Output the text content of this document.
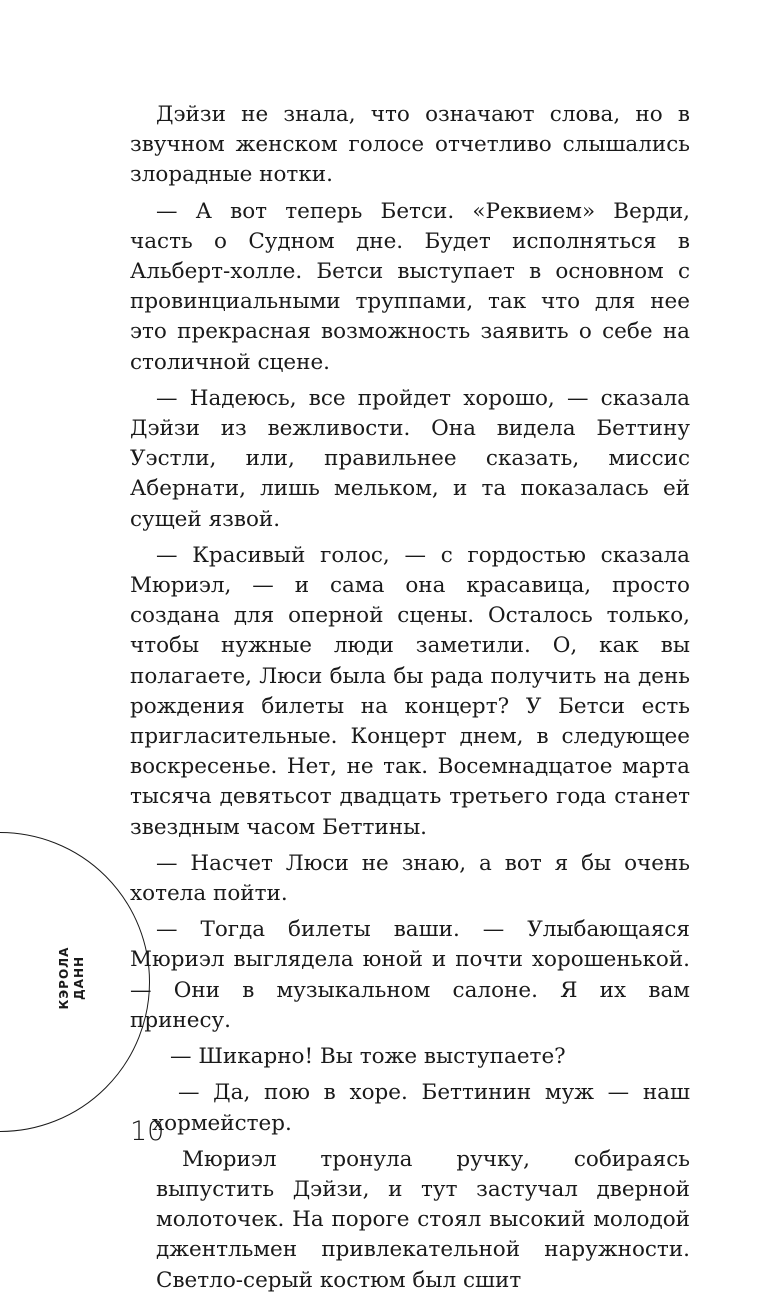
КЭРОЛА ДАНН

Дэйзи не знала, что означают слова, но в звучном женском голосе отчетливо слышались злорадные нотки.

— А вот теперь Бетси. «Реквием» Верди, часть о Судном дне. Будет исполняться в Альберт-холле. Бетси выступает в основном с провинциальными труппами, так что для нее это прекрасная возможность заявить о себе на столичной сцене.

— Надеюсь, все пройдет хорошо, — сказала Дэйзи из вежливости. Она видела Беттину Уэстли, или, правильнее сказать, миссис Абернати, лишь мельком, и та показалась ей сущей язвой.

— Красивый голос, — с гордостью сказала Мюриэл, — и сама она красавица, просто создана для оперной сцены. Осталось только, чтобы нужные люди заметили. О, как вы полагаете, Люси была бы рада получить на день рождения билеты на концерт? У Бетси есть пригласительные. Концерт днем, в следующее воскресенье. Нет, не так. Восемнадцатое марта тысяча девятьсот двадцать третьего года станет звездным часом Беттины.

— Насчет Люси не знаю, а вот я бы очень хотела пойти.

— Тогда билеты ваши. — Улыбающаяся Мюриэл выглядела юной и почти хорошенькой. — Они в музыкальном салоне. Я их вам принесу.

— Шикарно! Вы тоже выступаете?

— Да, пою в хоре. Беттинин муж — наш хормейстер.

Мюриэл тронула ручку, собираясь выпустить Дэйзи, и тут застучал дверной молоточек. На пороге стоял высокий молодой джентльмен привлекательной наружности. Светло-серый костюм был сшит

10
